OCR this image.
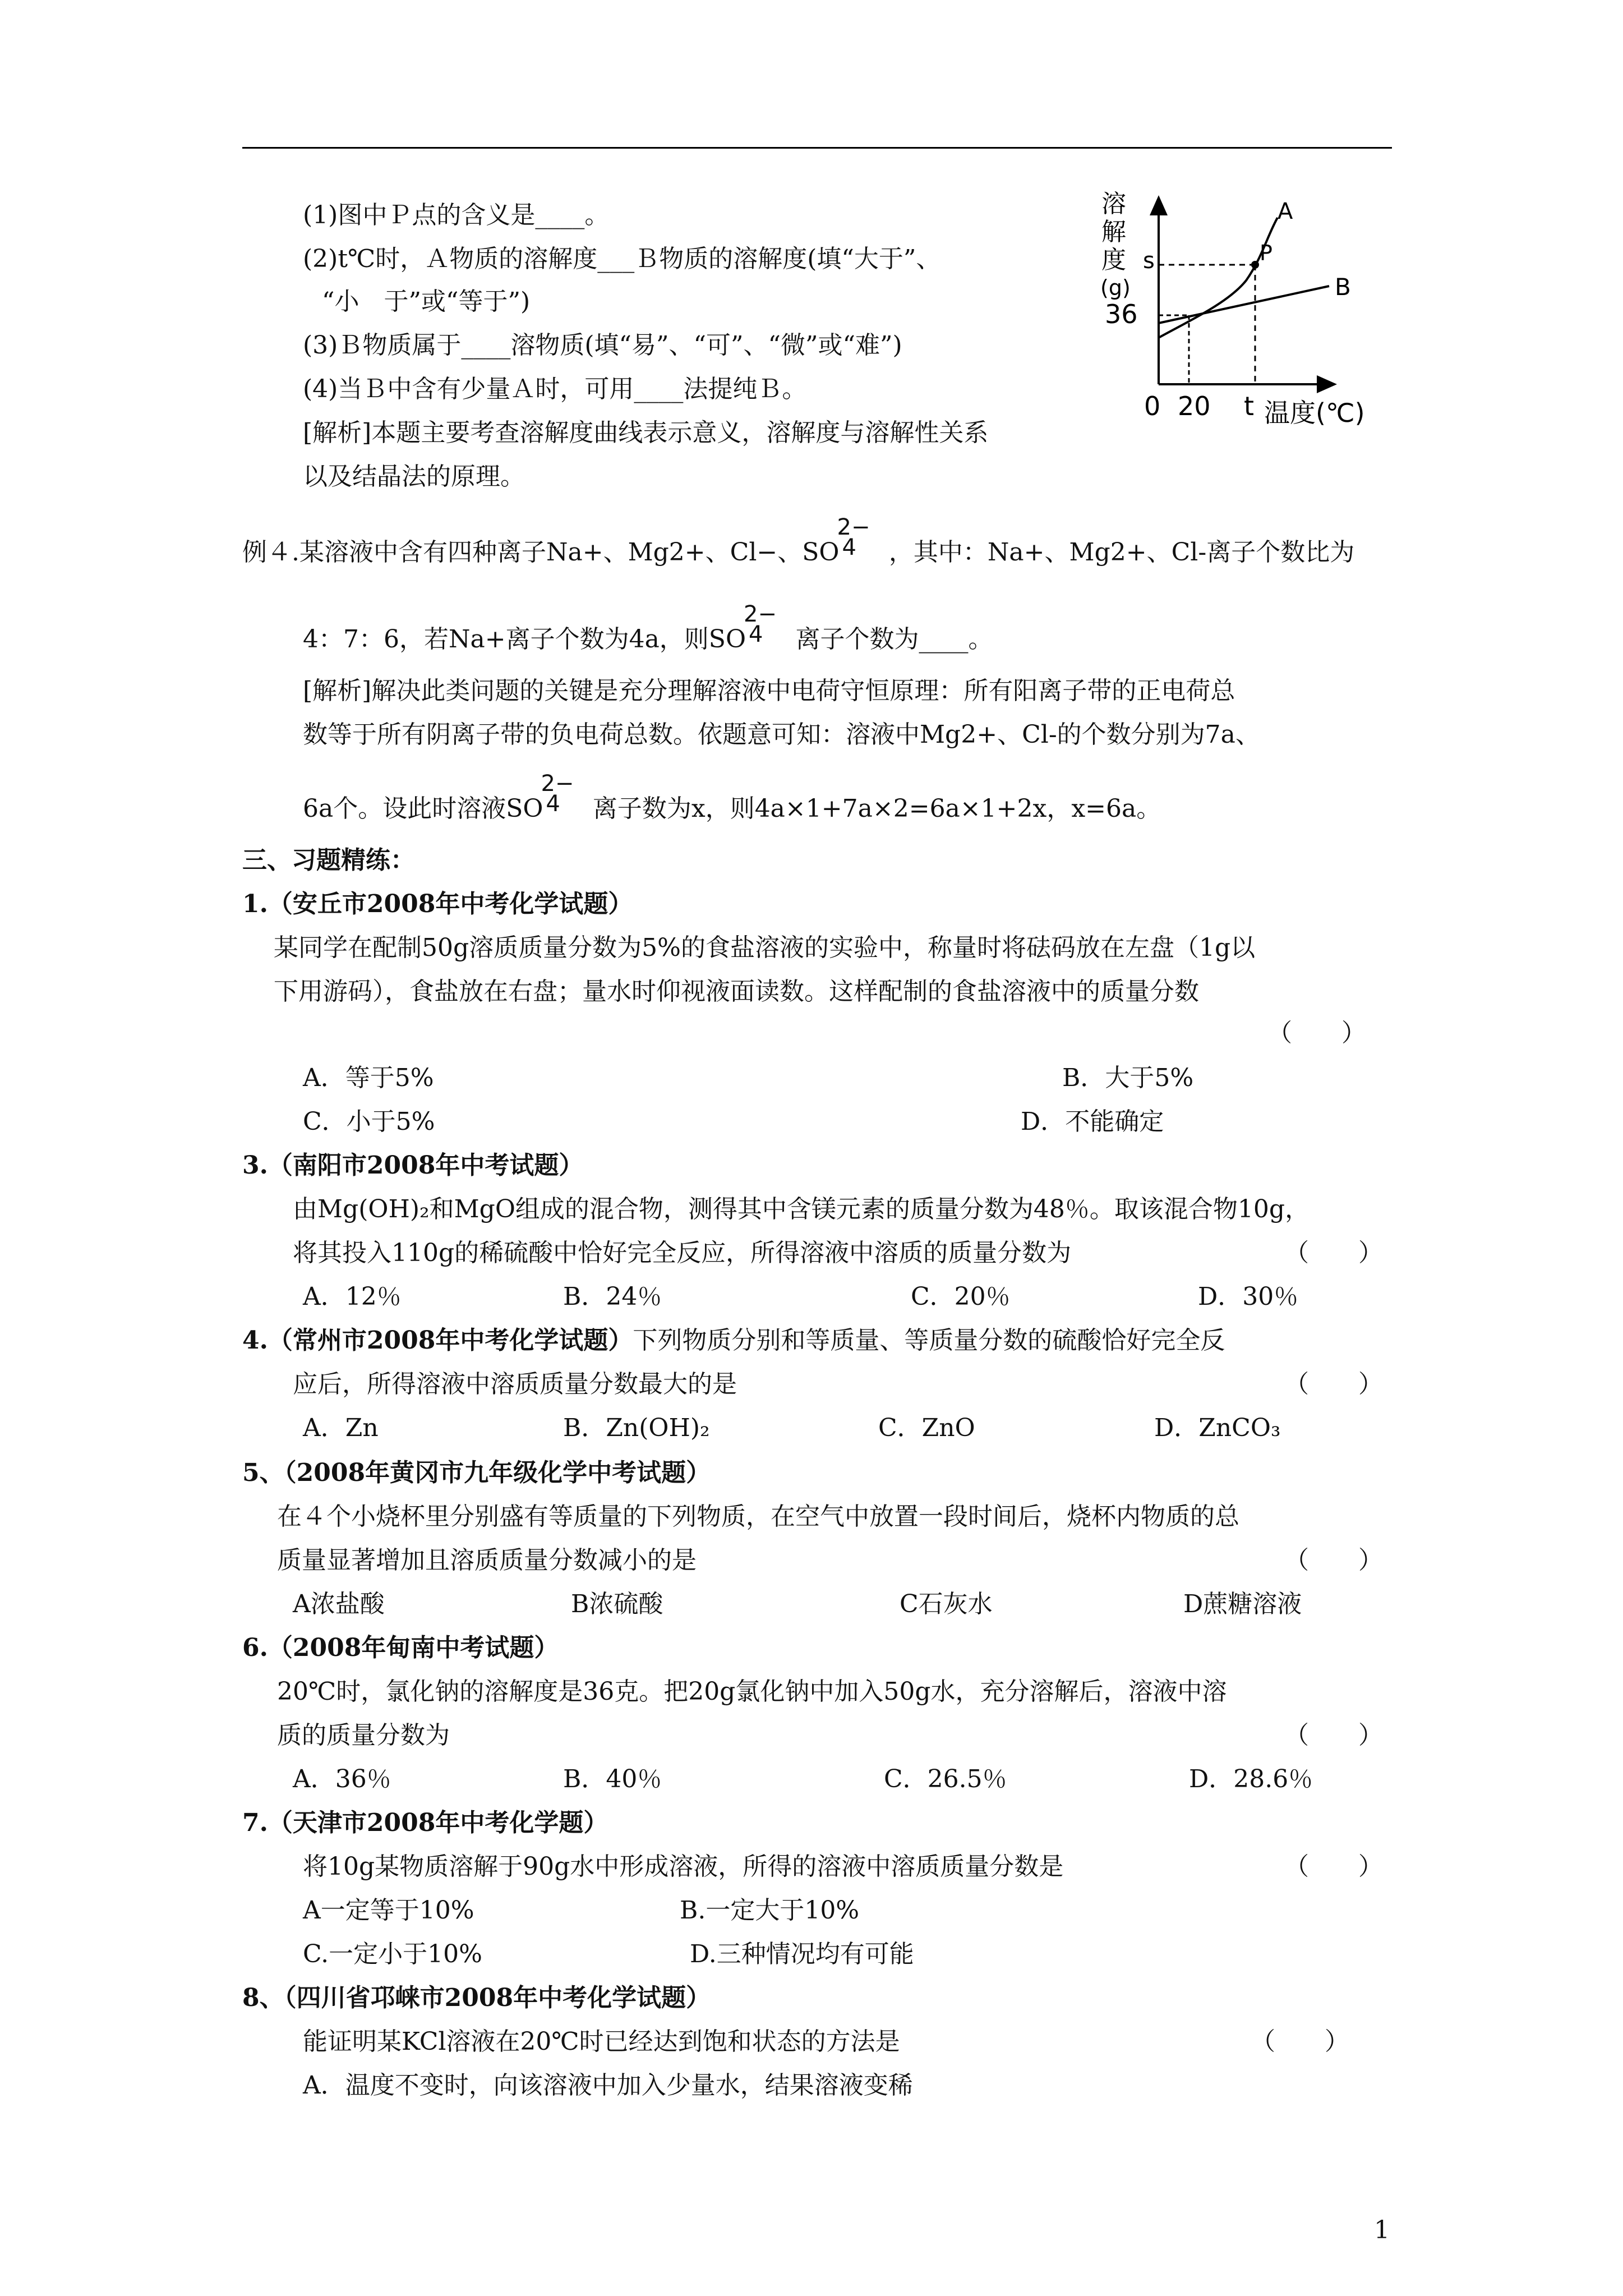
(1)图中Ｐ点的含义是____。
(2)t℃时，Ａ物质的溶解度___Ｂ物质的溶解度(填“大于”、
“小　于”或“等于”)
(3)Ｂ物质属于____溶物质(填“易”、“可”、“微”或“难”)
(4)当Ｂ中含有少量Ａ时，可用____法提纯Ｂ。
[解析]本题主要考查溶解度曲线表示意义，溶解度与溶解性关系
以及结晶法的原理。
溶
解
度
(g)
s
36
0 20 t 温度(℃)
P
A
B
例４.某溶液中含有四种离子Na+、Mg2+、Cl−、SO2−4 ，其中：Na+、Mg2+、Cl-离子个数比为
4：7：6，若Na+离子个数为4a，则SO2−4 离子个数为____。
[解析]解决此类问题的关键是充分理解溶液中电荷守恒原理：所有阳离子带的正电荷总
数等于所有阴离子带的负电荷总数。依题意可知：溶液中Mg2+、Cl-的个数分别为7a、
6a个。设此时溶液SO2−4 离子数为x，则4a×1+7a×2=6a×1+2x，x=6a。
三、习题精练：
1.（安丘市2008年中考化学试题）
某同学在配制50g溶质质量分数为5%的食盐溶液的实验中，称量时将砝码放在左盘（1g以
下用游码），食盐放在右盘；量水时仰视液面读数。这样配制的食盐溶液中的质量分数
（　　）
A．等于5%	B．大于5%
C．小于5%	D．不能确定
3.（南阳市2008年中考试题）
由Mg(OH)₂和MgO组成的混合物，测得其中含镁元素的质量分数为48％。取该混合物10g，
将其投入110g的稀硫酸中恰好完全反应，所得溶液中溶质的质量分数为	（　　）
A．12％	B．24％	C．20％	D．30％
4.（常州市2008年中考化学试题）下列物质分别和等质量、等质量分数的硫酸恰好完全反
应后，所得溶液中溶质质量分数最大的是	（　　）
A．Zn	B．Zn(OH)₂	C．ZnO	D．ZnCO₃
5、（2008年黄冈市九年级化学中考试题）
在４个小烧杯里分别盛有等质量的下列物质，在空气中放置一段时间后，烧杯内物质的总
质量显著增加且溶质质量分数减小的是	（　　）
A浓盐酸	B浓硫酸	C石灰水	D蔗糖溶液
6.（2008年甸南中考试题）
20℃时，氯化钠的溶解度是36克。把20g氯化钠中加入50g水，充分溶解后，溶液中溶
质的质量分数为	（　　）
A．36％	B．40％	C．26.5％	D．28.6％
7.（天津市2008年中考化学题）
将10g某物质溶解于90g水中形成溶液，所得的溶液中溶质质量分数是	（　　）
A一定等于10%	B.一定大于10%
C.一定小于10%	D.三种情况均有可能
8、（四川省邛崃市2008年中考化学试题）
能证明某KCl溶液在20℃时已经达到饱和状态的方法是	（　　）
A．温度不变时，向该溶液中加入少量水，结果溶液变稀
1
